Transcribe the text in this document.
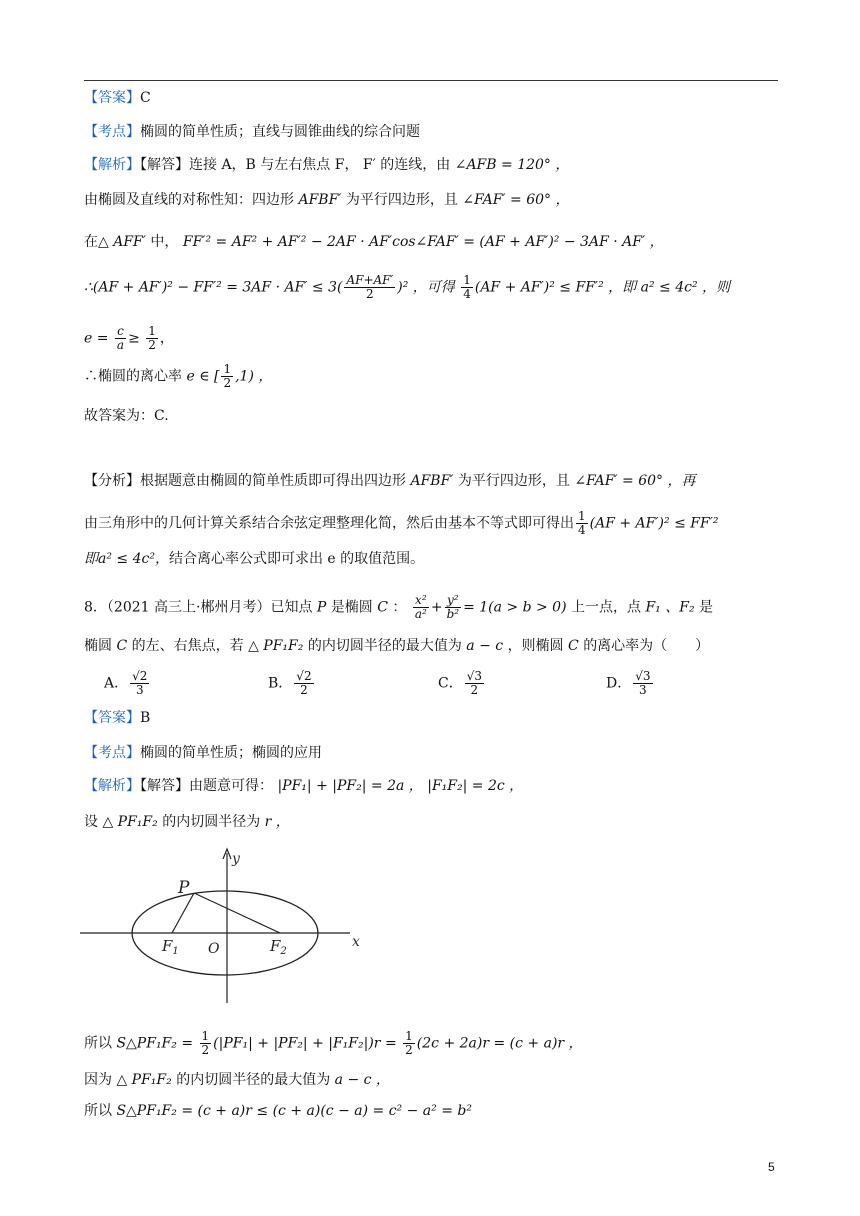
【答案】C
【考点】椭圆的简单性质；直线与圆锥曲线的综合问题
【解析】【解答】连接 A，B 与左右焦点 F， F′ 的连线，由 ∠AFB = 120° ，
由椭圆及直线的对称性知：四边形 AFBF′ 为平行四边形，且 ∠FAF′ = 60° ，
在△ AFF′ 中， FF′² = AF² + AF′² − 2AF · AF′cos∠FAF′ = (AF + AF′)² − 3AF · AF′ ，
∴(AF + $AF')^2 - FF'^2 = 3AF \cdot AF' \le 3( \frac{AF+AF'}{2} )^2$ ，可得 $\frac{1}{4} (AF + AF')^2 \le FF'^2$ ，即 a² ≤ 4c² ，则
$e = \frac{c}{a} \ge \frac{1}{2}$ ，
∴椭圆的离心率 e ∈ [ $\frac{1}{2} ,1$) ，
故答案为：C.
【分析】根据题意由椭圆的简单性质即可得出四边形 AFBF′ 为平行四边形，且 ∠FAF′ = 60° ，再
由三角形中的几何计算关系结合余弦定理整理化简，然后由基本不等式即可得出 $\frac{1}{4} (AF + AF')^2 \le FF'^2$
即a² ≤ 4c²，结合离心率公式即可求出 e 的取值范围。
8．（2021 高三上·郴州月考）已知点 P 是椭圆 C ： $\frac{\text{x²}}{\text{a²}} + \frac{\text{y²}}{\text{b²}} = 1(a > b > 0)$ 上一点，点 F₁ 、F₂ 是
椭圆 C 的左、右焦点，若 △ PF₁F₂ 的内切圆半径的最大值为 a − c ，则椭圆 C 的离心率为（　　）
A． $\frac{√2}{3}$	B． $\frac{√2}{2}$	C． $\frac{√3}{2}$	D． $\frac{√3}{3}$
【答案】B
【考点】椭圆的简单性质；椭圆的应用
【解析】【解答】由题意可得： |PF₁| + |PF₂| = 2a ， |F₁F₂| = 2c ，
设 △ PF₁F₂ 的内切圆半径为 r ，
y
x
P
O
$F_1$	$F_2$
所以 S△PF₁F₂ = $\frac{1}{2} (|PF_1| + |PF_2| + |F_1F_2|)r = \frac{1}{2} (2c + 2a)r = (c + a)r$ ，
因为 △ PF₁F₂ 的内切圆半径的最大值为 a − c ，
所以 S△PF₁F₂ = (c + a)r ≤ (c + a)(c − a) = c² − a² = b²
5
